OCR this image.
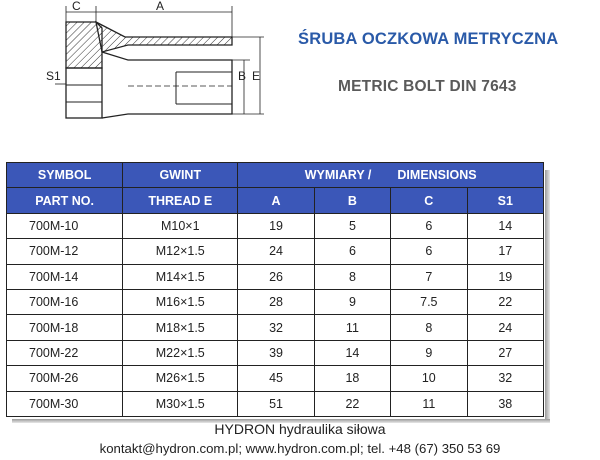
C	A
B E
S1
ŚRUBA OCZKOWA METRYCZNA
METRIC BOLT DIN 7643
SYMBOL	GWINT	WYMIARY / DIMENSIONS			
PART NO.	THREAD E	A	B	C	S1
700M-10	M10×1	19	5	6	14
700M-12	M12×1.5	24	6	6	17
700M-14	M14×1.5	26	8	7	19
700M-16	M16×1.5	28	9	7.5	22
700M-18	M18×1.5	32	11	8	24
700M-22	M22×1.5	39	14	9	27
700M-26	M26×1.5	45	18	10	32
700M-30	M30×1.5	51	22	11	38
HYDRON hydraulika siłowa
kontakt@hydron.com.pl; www.hydron.com.pl; tel. +48 (67) 350 53 69
